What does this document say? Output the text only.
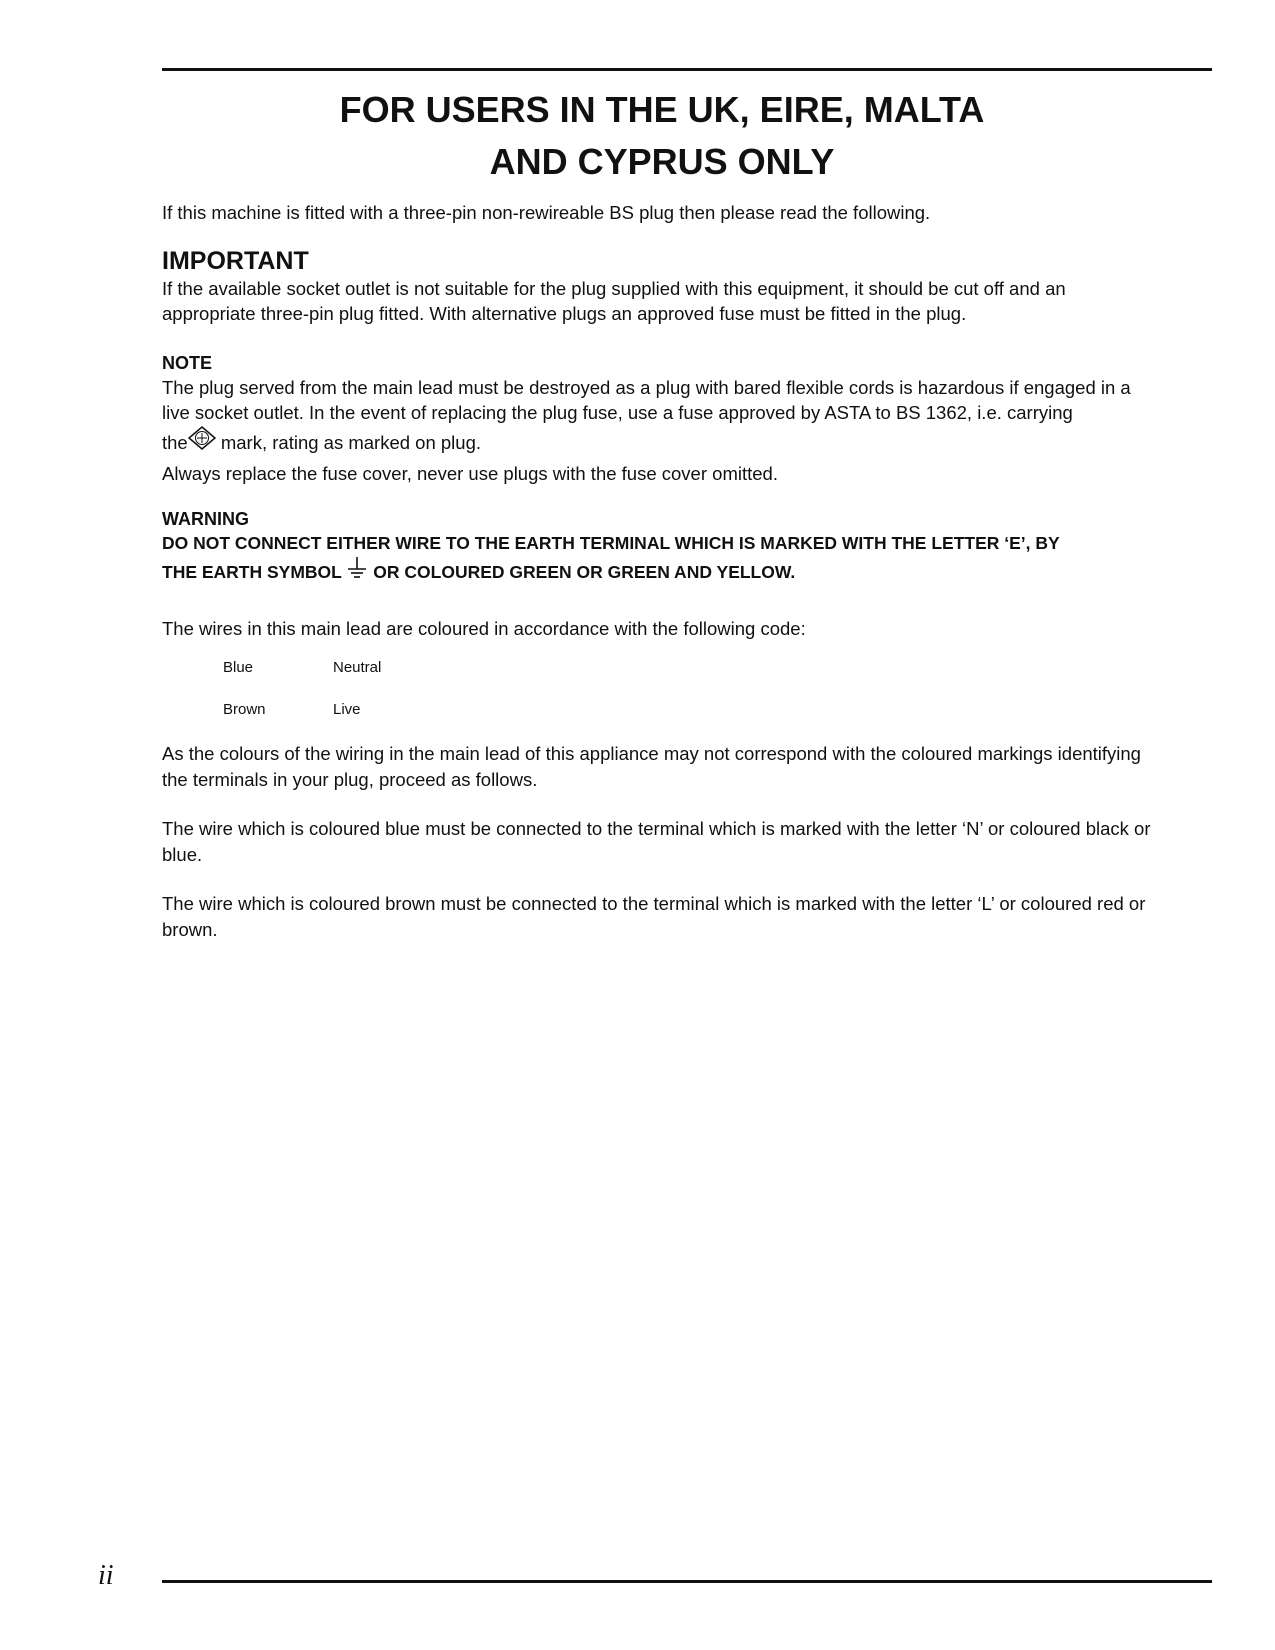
FOR USERS IN THE UK, EIRE, MALTA
AND CYPRUS ONLY

If this machine is fitted with a three-pin non-rewireable BS plug then please read the following.

IMPORTANT

If the available socket outlet is not suitable for the plug supplied with this equipment, it should be cut off and an appropriate three-pin plug fitted. With alternative plugs an approved fuse must be fitted in the plug.

NOTE

The plug served from the main lead must be destroyed as a plug with bared flexible cords is hazardous if engaged in a live socket outlet. In the event of replacing the plug fuse, use a fuse approved by ASTA to BS 1362, i.e. carrying

the mark, rating as marked on plug.

Always replace the fuse cover, never use plugs with the fuse cover omitted.

WARNING
DO NOT CONNECT EITHER WIRE TO THE EARTH TERMINAL WHICH IS MARKED WITH THE LETTER ‘E’, BY
THE EARTH SYMBOL OR COLOURED GREEN OR GREEN AND YELLOW.

The wires in this main lead are coloured in accordance with the following code:

Blue	Neutral
Brown	Live

As the colours of the wiring in the main lead of this appliance may not correspond with the coloured markings identifying the terminals in your plug, proceed as follows.

The wire which is coloured blue must be connected to the terminal which is marked with the letter ‘N’ or coloured black or blue.

The wire which is coloured brown must be connected to the terminal which is marked with the letter ‘L’ or coloured red or brown.

ii
